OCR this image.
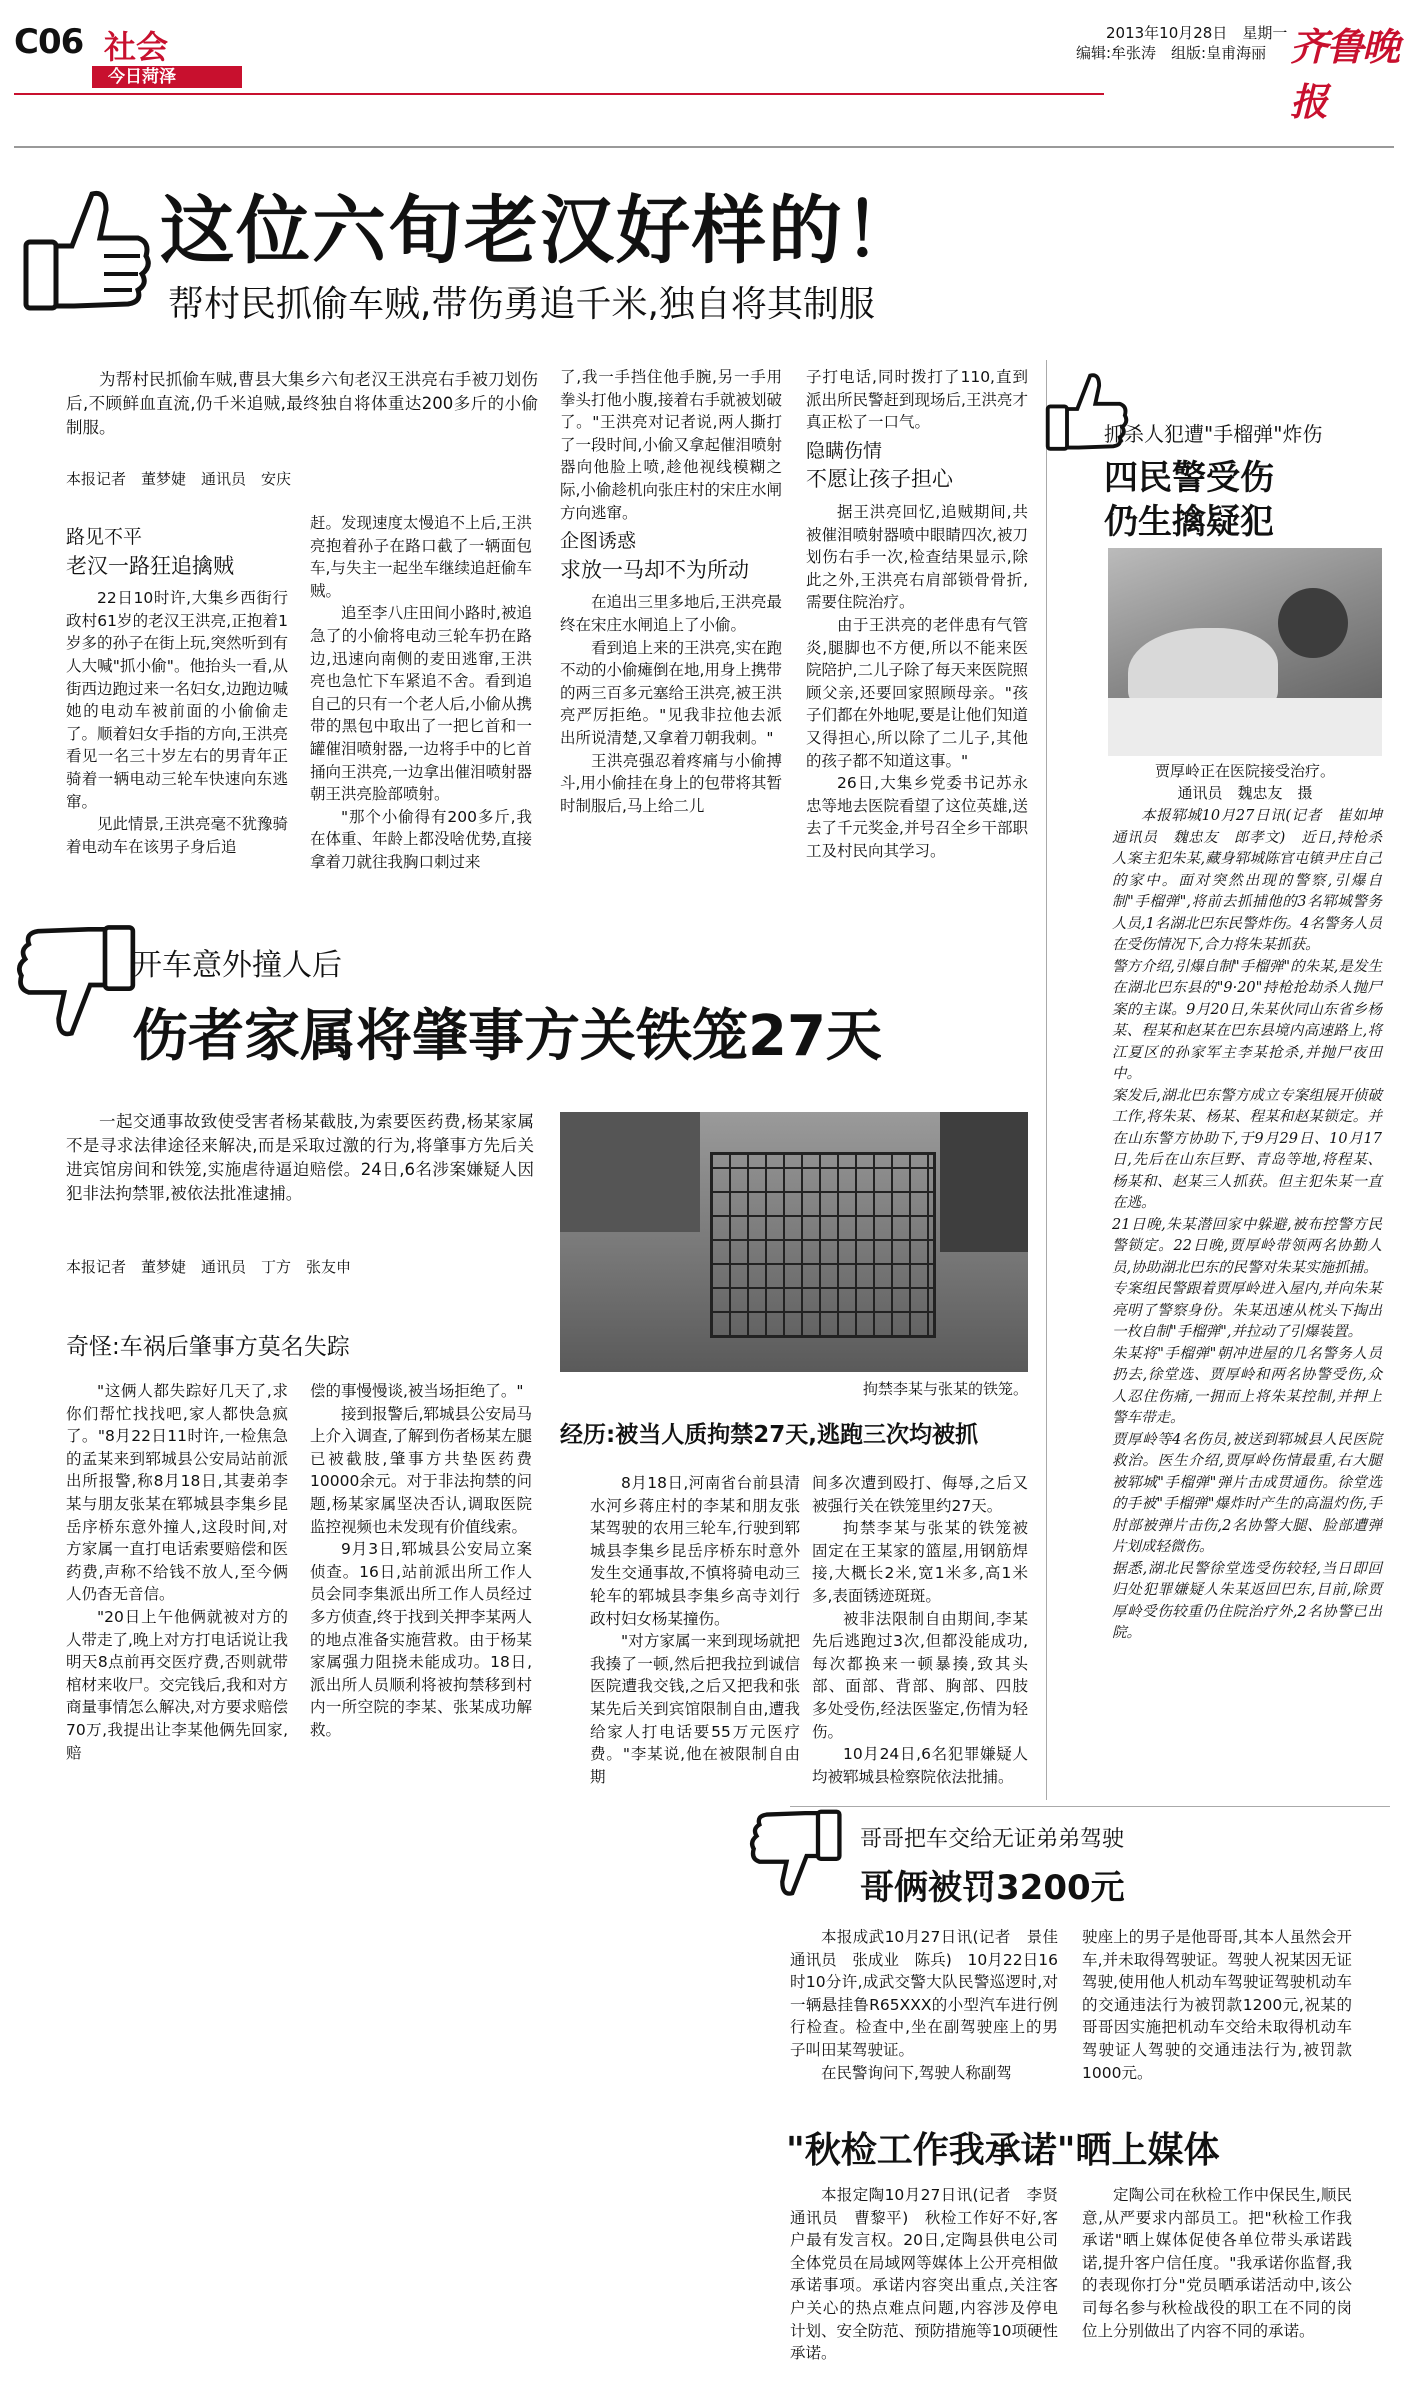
C06 社会
今日菏泽
2013年10月28日　星期一
编辑:牟张涛　组版:皇甫海丽 齐鲁晚报
这位六旬老汉好样的！
帮村民抓偷车贼,带伤勇追千米,独自将其制服
为帮村民抓偷车贼,曹县大集乡六旬老汉王洪亮右手被刀划伤后,不顾鲜血直流,仍千米追贼,最终独自将体重达200多斤的小偷制服。
本报记者　董梦婕　通讯员　安庆
路见不平
老汉一路狂追擒贼

22日10时许,大集乡西街行政村61岁的老汉王洪亮,正抱着1岁多的孙子在街上玩,突然听到有人大喊"抓小偷"。他抬头一看,从街西边跑过来一名妇女,边跑边喊她的电动车被前面的小偷偷走了。顺着妇女手指的方向,王洪亮看见一名三十岁左右的男青年正骑着一辆电动三轮车快速向东逃窜。

见此情景,王洪亮毫不犹豫骑着电动车在该男子身后追

赶。发现速度太慢追不上后,王洪亮抱着孙子在路口截了一辆面包车,与失主一起坐车继续追赶偷车贼。

追至李八庄田间小路时,被追急了的小偷将电动三轮车扔在路边,迅速向南侧的麦田逃窜,王洪亮也急忙下车紧追不舍。看到追自己的只有一个老人后,小偷从携带的黑包中取出了一把匕首和一罐催泪喷射器,一边将手中的匕首捅向王洪亮,一边拿出催泪喷射器朝王洪亮脸部喷射。

"那个小偷得有200多斤,我在体重、年龄上都没啥优势,直接拿着刀就往我胸口刺过来

了,我一手挡住他手腕,另一手用拳头打他小腹,接着右手就被划破了。"王洪亮对记者说,两人撕打了一段时间,小偷又拿起催泪喷射器向他脸上喷,趁他视线模糊之际,小偷趁机向张庄村的宋庄水闸方向逃窜。

企图诱惑
求放一马却不为所动

在追出三里多地后,王洪亮最终在宋庄水闸追上了小偷。

看到追上来的王洪亮,实在跑不动的小偷瘫倒在地,用身上携带的两三百多元塞给王洪亮,被王洪亮严厉拒绝。"见我非拉他去派出所说清楚,又拿着刀朝我刺。"

王洪亮强忍着疼痛与小偷搏斗,用小偷挂在身上的包带将其暂时制服后,马上给二儿

子打电话,同时拨打了110,直到派出所民警赶到现场后,王洪亮才真正松了一口气。

隐瞒伤情
不愿让孩子担心

据王洪亮回忆,追贼期间,共被催泪喷射器喷中眼睛四次,被刀划伤右手一次,检查结果显示,除此之外,王洪亮右肩部锁骨骨折,需要住院治疗。

由于王洪亮的老伴患有气管炎,腿脚也不方便,所以不能来医院陪护,二儿子除了每天来医院照顾父亲,还要回家照顾母亲。"孩子们都在外地呢,要是让他们知道又得担心,所以除了二儿子,其他的孩子都不知道这事。"

26日,大集乡党委书记苏永忠等地去医院看望了这位英雄,送去了千元奖金,并号召全乡干部职工及村民向其学习。

抓杀人犯遭"手榴弹"炸伤
四民警受伤
仍生擒疑犯
贾厚岭正在医院接受治疗。
通讯员　魏忠友　摄
本报郓城10月27日讯(记者　崔如坤　通讯员　魏忠友　郎孝文)　近日,持枪杀人案主犯朱某,藏身郓城陈官屯镇尹庄自己的家中。面对突然出现的警察,引爆自制"手榴弹",将前去抓捕他的3名郓城警务人员,1名湖北巴东民警炸伤。4名警务人员在受伤情况下,合力将朱某抓获。
警方介绍,引爆自制"手榴弹"的朱某,是发生在湖北巴东县的"9·20"持枪抢劫杀人抛尸案的主谋。9月20日,朱某伙同山东省乡杨某、程某和赵某在巴东县境内高速路上,将江夏区的孙家军主李某抢杀,并抛尸夜田中。
案发后,湖北巴东警方成立专案组展开侦破工作,将朱某、杨某、程某和赵某锁定。并在山东警方协助下,于9月29日、10月17日,先后在山东巨野、青岛等地,将程某、杨某和、赵某三人抓获。但主犯朱某一直在逃。
21日晚,朱某潜回家中躲避,被布控警方民警锁定。22日晚,贾厚岭带领两名协勤人员,协助湖北巴东的民警对朱某实施抓捕。
专案组民警跟着贾厚岭进入屋内,并向朱某亮明了警察身份。朱某迅速从枕头下掏出一枚自制"手榴弹",并拉动了引爆装置。
朱某将"手榴弹"朝冲进屋的几名警务人员扔去,徐堂选、贾厚岭和两名协警受伤,众人忍住伤痛,一拥而上将朱某控制,并押上警车带走。
贾厚岭等4名伤员,被送到郓城县人民医院救治。医生介绍,贾厚岭伤情最重,右大腿被郓城"手榴弹"弹片击成贯通伤。徐堂选的手被"手榴弹"爆炸时产生的高温灼伤,手肘部被弹片击伤,2名协警大腿、脸部遭弹片划成轻微伤。
据悉,湖北民警徐堂选受伤较轻,当日即回归处犯罪嫌疑人朱某返回巴东,目前,除贾厚岭受伤较重仍住院治疗外,2名协警已出院。
开车意外撞人后
伤者家属将肇事方关铁笼27天
一起交通事故致使受害者杨某截肢,为索要医药费,杨某家属不是寻求法律途径来解决,而是采取过激的行为,将肇事方先后关进宾馆房间和铁笼,实施虐待逼迫赔偿。24日,6名涉案嫌疑人因犯非法拘禁罪,被依法批准逮捕。
本报记者　董梦婕　通讯员　丁方　张友申
拘禁李某与张某的铁笼。
奇怪:车祸后肇事方莫名失踪

"这俩人都失踪好几天了,求你们帮忙找找吧,家人都快急疯了。"8月22日11时许,一检焦急的孟某来到郓城县公安局站前派出所报警,称8月18日,其妻弟李某与朋友张某在郓城县李集乡昆岳序桥东意外撞人,这段时间,对方家属一直打电话索要赔偿和医药费,声称不给钱不放人,至今俩人仍杳无音信。

"20日上午他俩就被对方的人带走了,晚上对方打电话说让我明天8点前再交医疗费,否则就带棺材来收尸。交完钱后,我和对方商量事情怎么解决,对方要求赔偿70万,我提出让李某他俩先回家,赔

偿的事慢慢谈,被当场拒绝了。"

接到报警后,郓城县公安局马上介入调查,了解到伤者杨某左腿已被截肢,肇事方共垫医药费10000余元。对于非法拘禁的问题,杨某家属坚决否认,调取医院监控视频也未发现有价值线索。

9月3日,郓城县公安局立案侦查。16日,站前派出所工作人员会同李集派出所工作人员经过多方侦查,终于找到关押李某两人的地点准备实施营救。由于杨某家属强力阻挠未能成功。18日,派出所人员顺利将被拘禁移到村内一所空院的李某、张某成功解救。

经历:被当人质拘禁27天,逃跑三次均被抓

8月18日,河南省台前县清水河乡蒋庄村的李某和朋友张某驾驶的农用三轮车,行驶到郓城县李集乡昆岳序桥东时意外发生交通事故,不慎将骑电动三轮车的郓城县李集乡高寺刘行政村妇女杨某撞伤。

"对方家属一来到现场就把我揍了一顿,然后把我拉到诚信医院遭我交钱,之后又把我和张某先后关到宾馆限制自由,遭我给家人打电话要55万元医疗费。"李某说,他在被限制自由期

间多次遭到殴打、侮辱,之后又被强行关在铁笼里约27天。

拘禁李某与张某的铁笼被固定在王某家的篮屋,用钢筋焊接,大概长2米,宽1米多,高1米多,表面锈迹斑斑。

被非法限制自由期间,李某先后逃跑过3次,但都没能成功,每次都换来一顿暴揍,致其头部、面部、背部、胸部、四肢多处受伤,经法医鉴定,伤情为轻伤。

10月24日,6名犯罪嫌疑人均被郓城县检察院依法批捕。

哥哥把车交给无证弟弟驾驶
哥俩被罚3200元

本报成武10月27日讯(记者　景佳　通讯员　张成业　陈兵)　10月22日16时10分许,成武交警大队民警巡逻时,对一辆悬挂鲁R65XXX的小型汽车进行例行检查。检查中,坐在副驾驶座上的男子叫田某驾驶证。

在民警询问下,驾驶人称副驾

驶座上的男子是他哥哥,其本人虽然会开车,并未取得驾驶证。驾驶人祝某因无证驾驶,使用他人机动车驾驶证驾驶机动车的交通违法行为被罚款1200元,祝某的哥哥因实施把机动车交给未取得机动车驾驶证人驾驶的交通违法行为,被罚款1000元。

"秋检工作我承诺"晒上媒体

本报定陶10月27日讯(记者　李贤　通讯员　曹黎平)　秋检工作好不好,客户最有发言权。20日,定陶县供电公司全体党员在局域网等媒体上公开亮相做承诺事项。承诺内容突出重点,关注客户关心的热点难点问题,内容涉及停电计划、安全防范、预防措施等10项硬性承诺。

定陶公司在秋检工作中保民生,顺民意,从严要求内部员工。把"秋检工作我承诺"晒上媒体促使各单位带头承诺践诺,提升客户信任度。"我承诺你监督,我的表现你打分"党员晒承诺活动中,该公司每名参与秋检战役的职工在不同的岗位上分别做出了内容不同的承诺。
